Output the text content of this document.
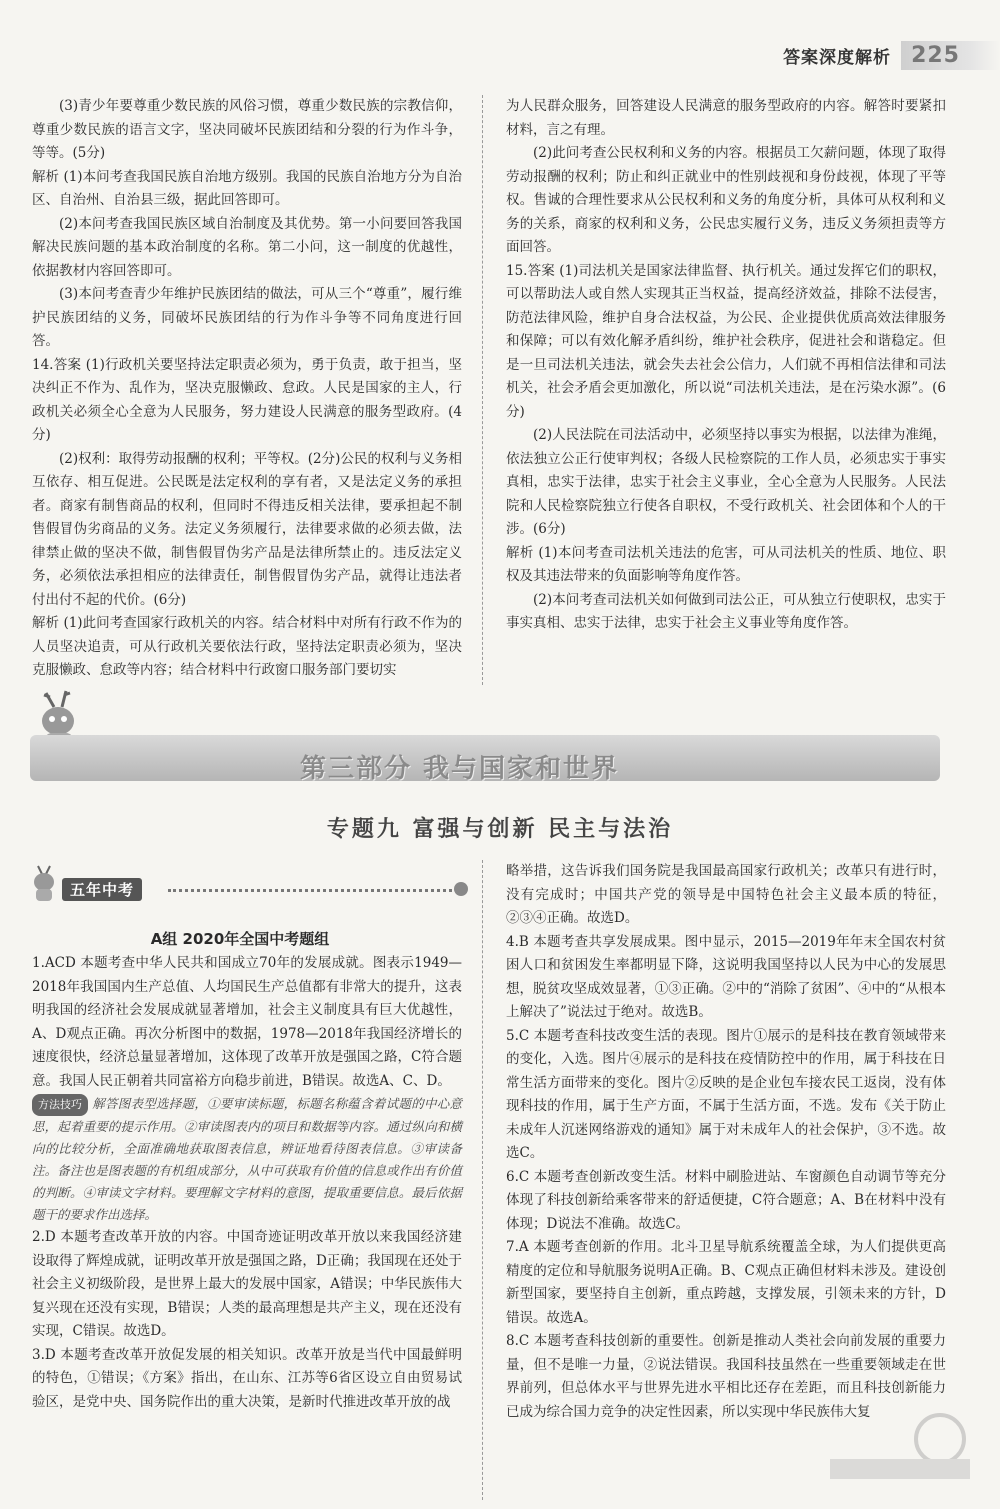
答案深度解析 225

(3)青少年要尊重少数民族的风俗习惯，尊重少数民族的宗教信仰，尊重少数民族的语言文字，坚决同破坏民族团结和分裂的行为作斗争，等等。(5分)

解析 (1)本问考查我国民族自治地方级别。我国的民族自治地方分为自治区、自治州、自治县三级，据此回答即可。

(2)本问考查我国民族区域自治制度及其优势。第一小问要回答我国解决民族问题的基本政治制度的名称。第二小问，这一制度的优越性，依据教材内容回答即可。

(3)本问考查青少年维护民族团结的做法，可从三个“尊重”，履行维护民族团结的义务，同破坏民族团结的行为作斗争等不同角度进行回答。

14.答案 (1)行政机关要坚持法定职责必须为，勇于负责，敢于担当，坚决纠正不作为、乱作为，坚决克服懒政、怠政。人民是国家的主人，行政机关必须全心全意为人民服务，努力建设人民满意的服务型政府。(4分)

(2)权利：取得劳动报酬的权利；平等权。(2分)公民的权利与义务相互依存、相互促进。公民既是法定权利的享有者，又是法定义务的承担者。商家有制售商品的权利，但同时不得违反相关法律，要承担起不制售假冒伪劣商品的义务。法定义务须履行，法律要求做的必须去做，法律禁止做的坚决不做，制售假冒伪劣产品是法律所禁止的。违反法定义务，必须依法承担相应的法律责任，制售假冒伪劣产品，就得让违法者付出付不起的代价。(6分)

解析 (1)此问考查国家行政机关的内容。结合材料中对所有行政不作为的人员坚决追责，可从行政机关要依法行政，坚持法定职责必须为，坚决克服懒政、怠政等内容；结合材料中行政窗口服务部门要切实

为人民群众服务，回答建设人民满意的服务型政府的内容。解答时要紧扣材料，言之有理。

(2)此问考查公民权利和义务的内容。根据员工欠薪问题，体现了取得劳动报酬的权利；防止和纠正就业中的性别歧视和身份歧视，体现了平等权。售诚的合理性要求从公民权利和义务的角度分析，具体可从权利和义务的关系，商家的权利和义务，公民忠实履行义务，违反义务须担责等方面回答。

15.答案 (1)司法机关是国家法律监督、执行机关。通过发挥它们的职权，可以帮助法人或自然人实现其正当权益，提高经济效益，排除不法侵害，防范法律风险，维护自身合法权益，为公民、企业提供优质高效法律服务和保障；可以有效化解矛盾纠纷，维护社会秩序，促进社会和谐稳定。但是一旦司法机关违法，就会失去社会公信力，人们就不再相信法律和司法机关，社会矛盾会更加激化，所以说“司法机关违法，是在污染水源”。(6分)

(2)人民法院在司法活动中，必须坚持以事实为根据，以法律为准绳，依法独立公正行使审判权；各级人民检察院的工作人员，必须忠实于事实真相，忠实于法律，忠实于社会主义事业，全心全意为人民服务。人民法院和人民检察院独立行使各自职权，不受行政机关、社会团体和个人的干涉。(6分)

解析 (1)本问考查司法机关违法的危害，可从司法机关的性质、地位、职权及其违法带来的负面影响等角度作答。

(2)本问考查司法机关如何做到司法公正，可从独立行使职权，忠实于事实真相、忠实于法律，忠实于社会主义事业等角度作答。

第三部分 我与国家和世界
专题九 富强与创新 民主与法治
五年中考
A组 2020年全国中考题组

1.ACD 本题考查中华人民共和国成立70年的发展成就。图表示1949—2018年我国国内生产总值、人均国民生产总值都有非常大的提升，这表明我国的经济社会发展成就显著增加，社会主义制度具有巨大优越性，A、D观点正确。再次分析图中的数据，1978—2018年我国经济增长的速度很快，经济总量显著增加，这体现了改革开放是强国之路，C符合题意。我国人民正朝着共同富裕方向稳步前进，B错误。故选A、C、D。

方法技巧 解答图表型选择题，①要审读标题，标题名称蕴含着试题的中心意思，起着重要的提示作用。②审读图表内的项目和数据等内容。通过纵向和横向的比较分析，全面准确地获取图表信息，辨证地看待图表信息。③审读备注。备注也是图表题的有机组成部分，从中可获取有价值的信息或作出有价值的判断。④审读文字材料。要理解文字材料的意图，提取重要信息。最后依据题干的要求作出选择。

2.D 本题考查改革开放的内容。中国奇迹证明改革开放以来我国经济建设取得了辉煌成就，证明改革开放是强国之路，D正确；我国现在还处于社会主义初级阶段，是世界上最大的发展中国家，A错误；中华民族伟大复兴现在还没有实现，B错误；人类的最高理想是共产主义，现在还没有实现，C错误。故选D。

3.D 本题考查改革开放促发展的相关知识。改革开放是当代中国最鲜明的特色，①错误；《方案》指出，在山东、江苏等6省区设立自由贸易试验区，是党中央、国务院作出的重大决策，是新时代推进改革开放的战

略举措，这告诉我们国务院是我国最高国家行政机关；改革只有进行时，没有完成时；中国共产党的领导是中国特色社会主义最本质的特征，②③④正确。故选D。

4.B 本题考查共享发展成果。图中显示，2015—2019年年末全国农村贫困人口和贫困发生率都明显下降，这说明我国坚持以人民为中心的发展思想，脱贫攻坚成效显著，①③正确。②中的“消除了贫困”、④中的“从根本上解决了”说法过于绝对。故选B。

5.C 本题考查科技改变生活的表现。图片①展示的是科技在教育领域带来的变化，入选。图片④展示的是科技在疫情防控中的作用，属于科技在日常生活方面带来的变化。图片②反映的是企业包车接农民工返岗，没有体现科技的作用，属于生产方面，不属于生活方面，不选。发布《关于防止未成年人沉迷网络游戏的通知》属于对未成年人的社会保护，③不选。故选C。

6.C 本题考查创新改变生活。材料中刷脸进站、车窗颜色自动调节等充分体现了科技创新给乘客带来的舒适便捷，C符合题意；A、B在材料中没有体现；D说法不准确。故选C。

7.A 本题考查创新的作用。北斗卫星导航系统覆盖全球，为人们提供更高精度的定位和导航服务说明A正确。B、C观点正确但材料未涉及。建设创新型国家，要坚持自主创新，重点跨越，支撑发展，引领未来的方针，D错误。故选A。

8.C 本题考查科技创新的重要性。创新是推动人类社会向前发展的重要力量，但不是唯一力量，②说法错误。我国科技虽然在一些重要领域走在世界前列，但总体水平与世界先进水平相比还存在差距，而且科技创新能力已成为综合国力竞争的决定性因素，所以实现中华民族伟大复
